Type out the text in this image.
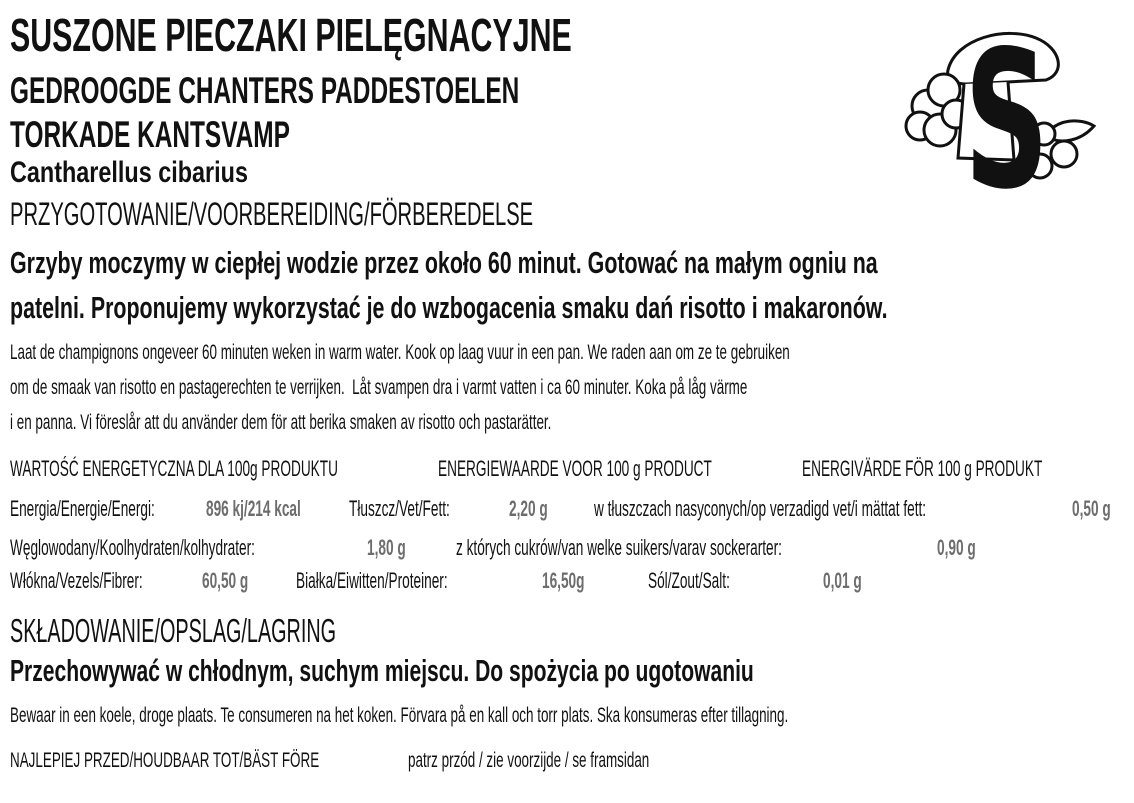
SUSZONE PIECZAKI PIELĘGNACYJNE
GEDROOGDE CHANTERS PADDESTOELEN
TORKADE KANTSVAMP
Cantharellus cibarius	S
PRZYGOTOWANIE/VOORBEREIDING/FÖRBEREDELSE

Grzyby moczymy w ciepłej wodzie przez około 60 minut. Gotować na małym ogniu na

patelni. Proponujemy wykorzystać je do wzbogacenia smaku dań risotto i makaronów.

Laat de champignons ongeveer 60 minuten weken in warm water. Kook op laag vuur in een pan. We raden aan om ze te gebruiken

om de smaak van risotto en pastagerechten te verrijken. Låt svampen dra i varmt vatten i ca 60 minuter. Koka på låg värme

i en panna. Vi föreslår att du använder dem för att berika smaken av risotto och pastarätter.

WARTOŚĆ ENERGETYCZNA DLA 100g PRODUKTU	ENERGIEWAARDE VOOR 100 g PRODUCT	ENERGIVÄRDE FÖR 100 g PRODUKT
Energia/Energie/Energi: 896 kj/214 kcal Tłuszcz/Vet/Fett:	2,20 g w tłuszczach nasyconych/op verzadigd vet/i mättat fett:	0,50 g
Węglowodany/Koolhydraten/kolhydrater:	1,80 g z których cukrów/van welke suikers/varav sockerarter:	0,90 g
Włókna/Vezels/Fibrer:	60,50 g Białka/Eiwitten/Proteiner:	16,50g	Sól/Zout/Salt:	0,01 g
SKŁADOWANIE/OPSLAG/LAGRING

Przechowywać w chłodnym, suchym miejscu. Do spożycia po ugotowaniu

Bewaar in een koele, droge plaats. Te consumeren na het koken. Förvara på en kall och torr plats. Ska konsumeras efter tillagning.

NAJLEPIEJ PRZED/HOUDBAAR TOT/BÄST FÖRE	patrz przód / zie voorzijde / se framsidan
